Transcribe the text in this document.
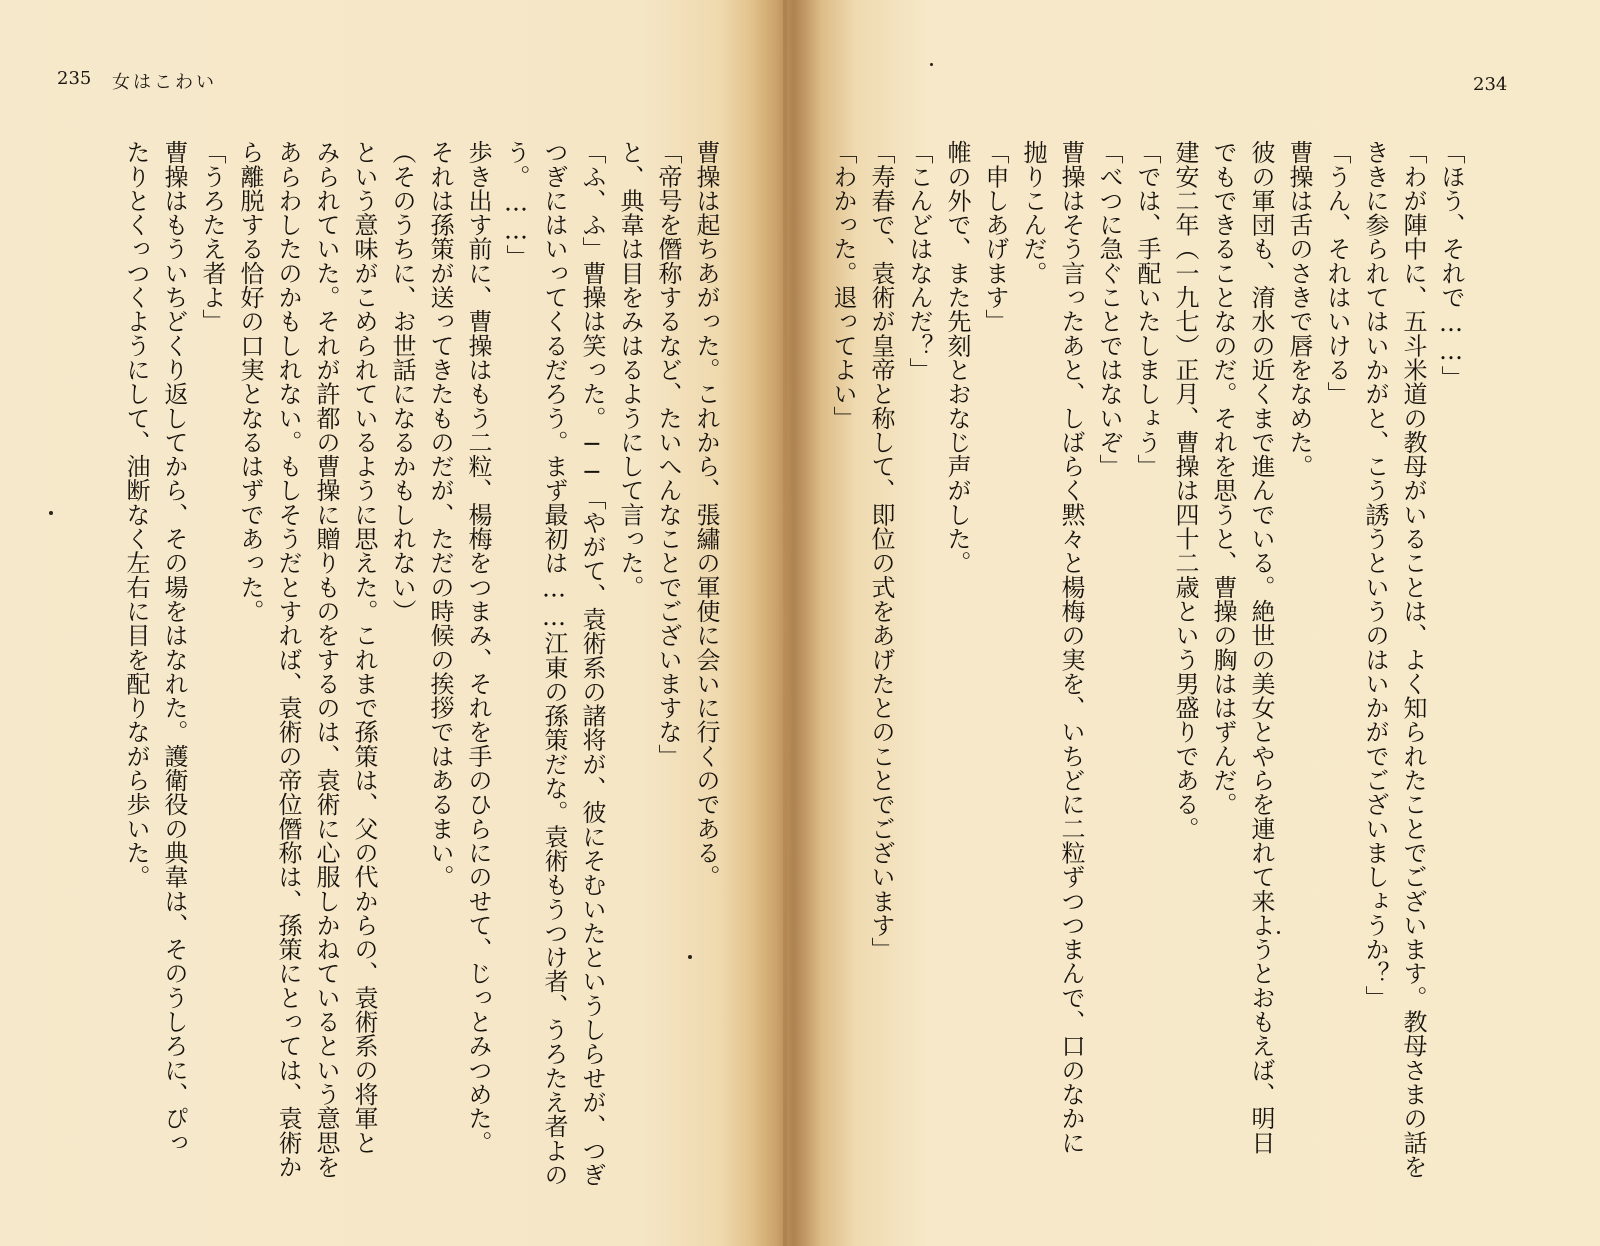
235 女はこわい

曹操は起ちあがった。これから、張繡の軍使に会いに行くのである。

「帝号を僭称するなど、たいへんなことでございますな」

と、典韋は目をみはるようにして言った。

「ふ、ふ」曹操は笑った。──「やがて、袁術系の諸将が、彼にそむいたというしらせが、つぎ

つぎにはいってくるだろう。まず最初は……江東の孫策だな。袁術もうつけ者、うろたえ者よの

う。……」

歩き出す前に、曹操はもう二粒、楊梅をつまみ、それを手のひらにのせて、じっとみつめた。

それは孫策が送ってきたものだが、ただの時候の挨拶ではあるまい。

（そのうちに、お世話になるかもしれない）

という意味がこめられているように思えた。これまで孫策は、父の代からの、袁術系の将軍と

みられていた。それが許都の曹操に贈りものをするのは、袁術に心服しかねているという意思を

あらわしたのかもしれない。もしそうだとすれば、袁術の帝位僭称は、孫策にとっては、袁術か

ら離脱する恰好の口実となるはずであった。

「うろたえ者よ」

曹操はもういちどくり返してから、その場をはなれた。護衛役の典韋は、そのうしろに、ぴっ

たりとくっつくようにして、油断なく左右に目を配りながら歩いた。

234

「ほう、それで……」

「わが陣中に、五斗米道の教母がいることは、よく知られたことでございます。教母さまの話を

ききに参られてはいかがと、こう誘うというのはいかがでございましょうか？」

「うん、それはいける」

曹操は舌のさきで唇をなめた。

彼の軍団も、淯水の近くまで進んでいる。絶世の美女とやらを連れて来ようとおもえば、明日

でもできることなのだ。それを思うと、曹操の胸ははずんだ。

建安二年（一九七）正月、曹操は四十二歳という男盛りである。

「では、手配いたしましょう」

「べつに急ぐことではないぞ」

曹操はそう言ったあと、しばらく黙々と楊梅の実を、いちどに二粒ずつつまんで、口のなかに

抛りこんだ。

「申しあげます」

帷の外で、また先刻とおなじ声がした。

「こんどはなんだ？」

「寿春で、袁術が皇帝と称して、即位の式をあげたとのことでございます」

「わかった。退ってよい」
